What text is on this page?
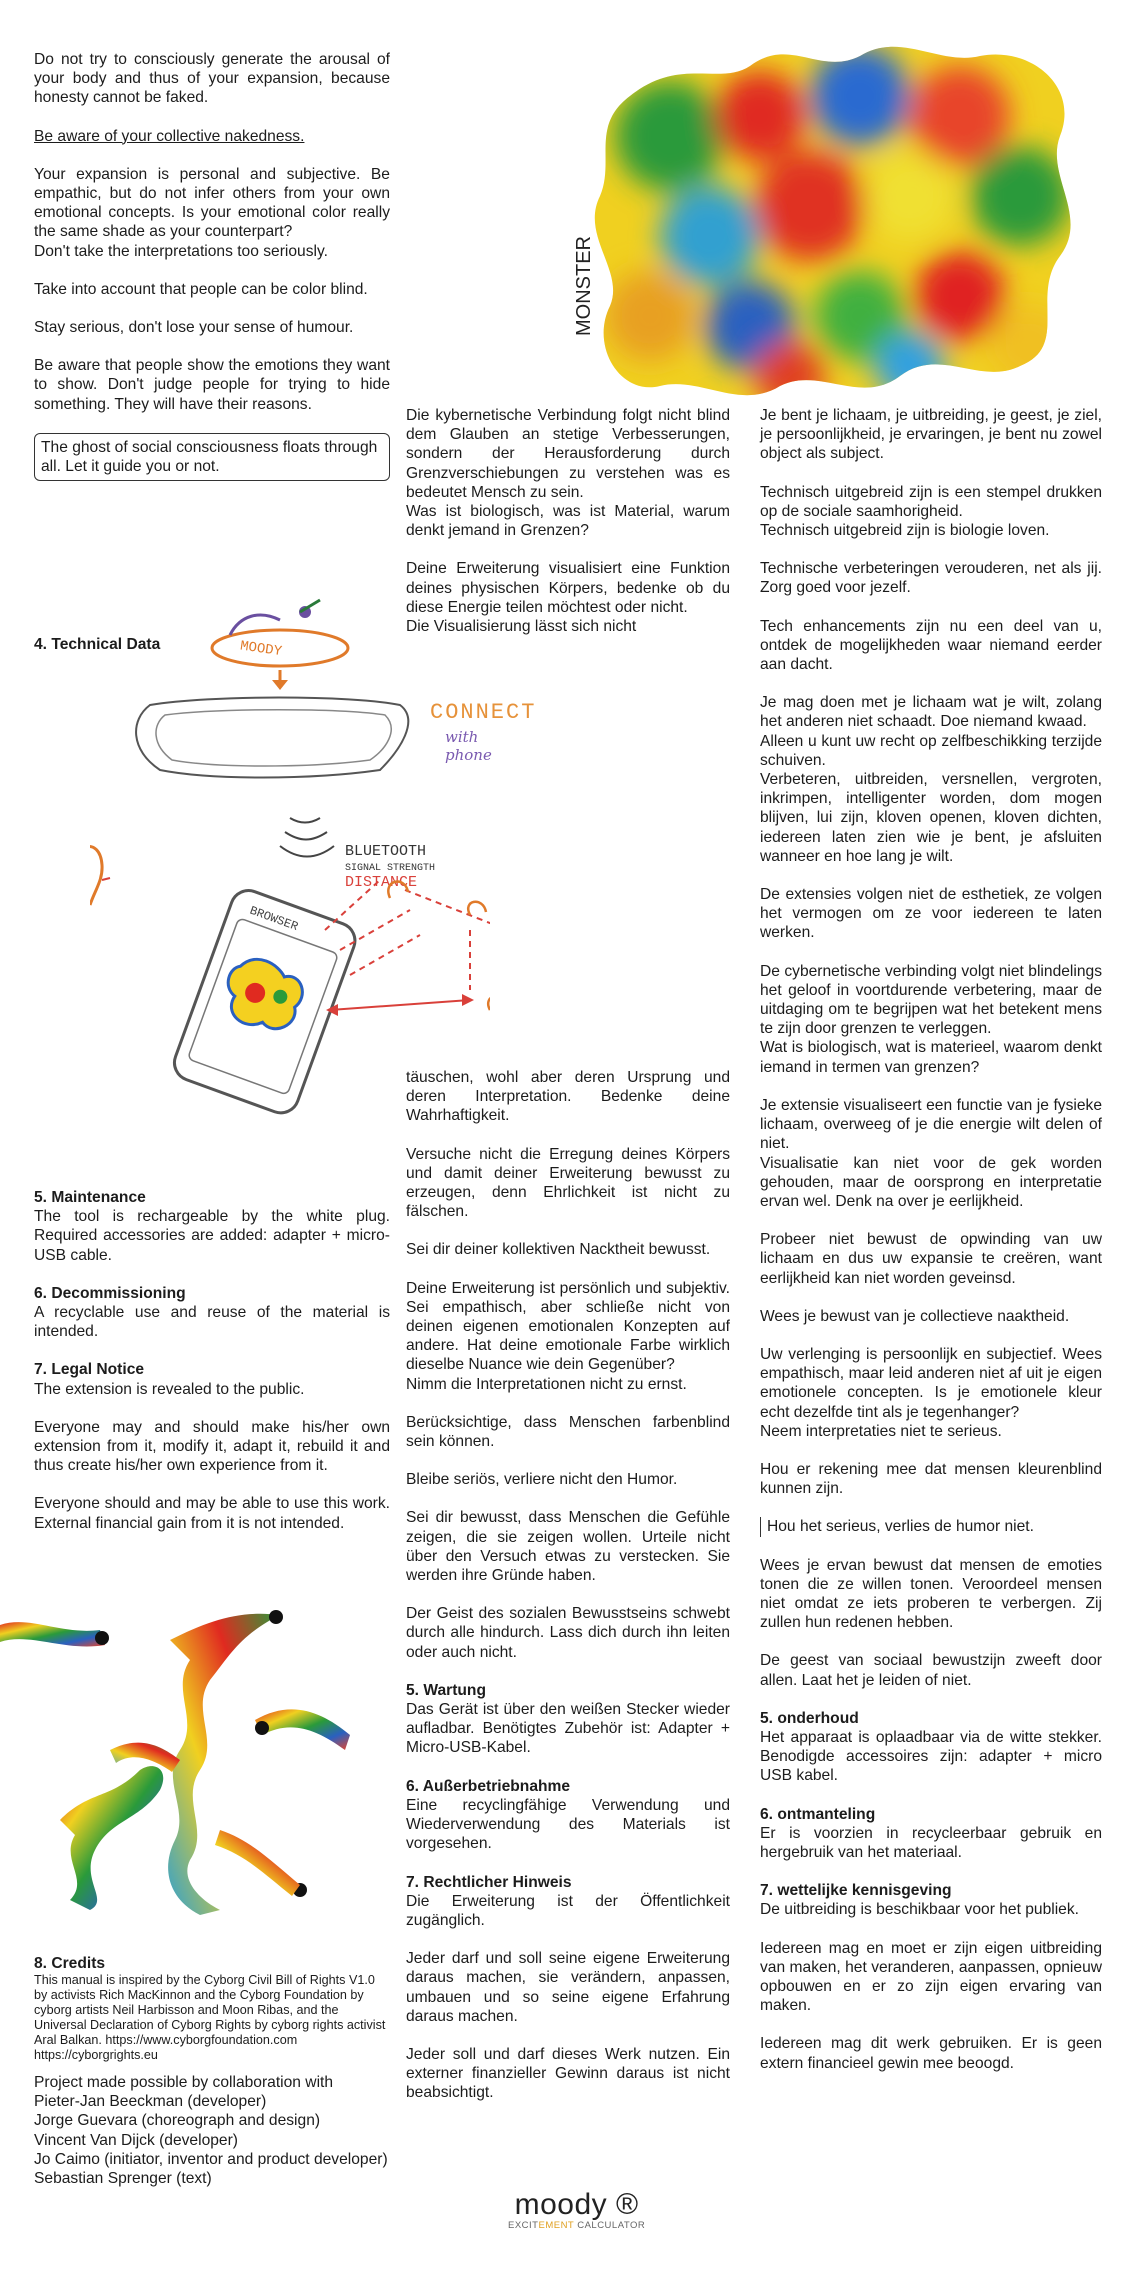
MONSTER
MOODY
BLUETOOTH
SIGNAL STRENGTH
DISTANCE
BROWSER
CONNECT
with
phone

Do not try to consciously generate the arousal of your body and thus of your expansion, because honesty cannot be faked.

Be aware of your collective nakedness.

Your expansion is personal and subjective. Be empathic, but do not infer others from your own emotional concepts. Is your emotional color really the same shade as your counterpart?
Don't take the interpretations too seriously.

Take into account that people can be color blind.

Stay serious, don't lose your sense of humour.

Be aware that people show the emotions they want to show. Don't judge people for trying to hide something. They will have their reasons.

The ghost of social consciousness floats through all. Let it guide you or not.

4. Technical Data
5. Maintenance

The tool is rechargeable by the white plug. Required accessories are added: adapter + micro-USB cable.

6. Decommissioning

A recyclable use and reuse of the material is intended.

7. Legal Notice

The extension is revealed to the public.

Everyone may and should make his/her own extension from it, modify it, adapt it, rebuild it and thus create his/her own experience from it.

Everyone should and may be able to use this work. External financial gain from it is not intended.

8. Credits

This manual is inspired by the Cyborg Civil Bill of Rights V1.0 by activists Rich MacKinnon and the Cyborg Foundation by cyborg artists Neil Harbisson and Moon Ribas, and the Universal Declaration of Cyborg Rights by cyborg rights activist Aral Balkan. https://www.cyborgfoundation.com
https://cyborgrights.eu

Project made possible by collaboration with
Pieter-Jan Beeckman (developer)
Jorge Guevara (choreograph and design)
Vincent Van Dijck (developer)
Jo Caimo (initiator, inventor and product developer)
Sebastian Sprenger (text)

Die kybernetische Verbindung folgt nicht blind dem Glauben an stetige Verbesserungen, sondern der Herausforderung durch Grenzverschiebungen zu verstehen was es bedeutet Mensch zu sein.
Was ist biologisch, was ist Material, warum denkt jemand in Grenzen?

Deine Erweiterung visualisiert eine Funktion deines physischen Körpers, bedenke ob du diese Energie teilen möchtest oder nicht.
Die Visualisierung lässt sich nicht

täuschen, wohl aber deren Ursprung und deren Interpretation. Bedenke deine Wahrhaftigkeit.

Versuche nicht die Erregung deines Körpers und damit deiner Erweiterung bewusst zu erzeugen, denn Ehrlichkeit ist nicht zu fälschen.

Sei dir deiner kollektiven Nacktheit bewusst.

Deine Erweiterung ist persönlich und subjektiv. Sei empathisch, aber schließe nicht von deinen eigenen emotionalen Konzepten auf andere. Hat deine emotionale Farbe wirklich dieselbe Nuance wie dein Gegenüber?
Nimm die Interpretationen nicht zu ernst.

Berücksichtige, dass Menschen farbenblind sein können.

Bleibe seriös, verliere nicht den Humor.

Sei dir bewusst, dass Menschen die Gefühle zeigen, die sie zeigen wollen. Urteile nicht über den Versuch etwas zu verstecken. Sie werden ihre Gründe haben.

Der Geist des sozialen Bewusstseins schwebt durch alle hindurch. Lass dich durch ihn leiten oder auch nicht.

5. Wartung

Das Gerät ist über den weißen Stecker wieder aufladbar. Benötigtes Zubehör ist: Adapter + Micro-USB-Kabel.

6. Außerbetriebnahme

Eine recyclingfähige Verwendung und Wiederverwendung des Materials ist vorgesehen.

7. Rechtlicher Hinweis

Die Erweiterung ist der Öffentlichkeit zugänglich.

Jeder darf und soll seine eigene Erweiterung daraus machen, sie verändern, anpassen, umbauen und so seine eigene Erfahrung daraus machen.

Jeder soll und darf dieses Werk nutzen. Ein externer finanzieller Gewinn daraus ist nicht beabsichtigt.

Je bent je lichaam, je uitbreiding, je geest, je ziel, je persoonlijkheid, je ervaringen, je bent nu zowel object als subject.

Technisch uitgebreid zijn is een stempel drukken op de sociale saamhorigheid.
Technisch uitgebreid zijn is biologie loven.

Technische verbeteringen verouderen, net als jij. Zorg goed voor jezelf.

Tech enhancements zijn nu een deel van u, ontdek de mogelijkheden waar niemand eerder aan dacht.

Je mag doen met je lichaam wat je wilt, zolang het anderen niet schaadt. Doe niemand kwaad.
Alleen u kunt uw recht op zelfbeschikking terzijde schuiven.
Verbeteren, uitbreiden, versnellen, vergroten, inkrimpen, intelligenter worden, dom mogen blijven, lui zijn, kloven openen, kloven dichten, iedereen laten zien wie je bent, je afsluiten wanneer en hoe lang je wilt.

De extensies volgen niet de esthetiek, ze volgen het vermogen om ze voor iedereen te laten werken.

De cybernetische verbinding volgt niet blindelings het geloof in voortdurende verbetering, maar de uitdaging om te begrijpen wat het betekent mens te zijn door grenzen te verleggen.
Wat is biologisch, wat is materieel, waarom denkt iemand in termen van grenzen?

Je extensie visualiseert een functie van je fysieke lichaam, overweeg of je die energie wilt delen of niet.
Visualisatie kan niet voor de gek worden gehouden, maar de oorsprong en interpretatie ervan wel. Denk na over je eerlijkheid.

Probeer niet bewust de opwinding van uw lichaam en dus uw expansie te creëren, want eerlijkheid kan niet worden geveinsd.

Wees je bewust van je collectieve naaktheid.

Uw verlenging is persoonlijk en subjectief. Wees empathisch, maar leid anderen niet af uit je eigen emotionele concepten. Is je emotionele kleur echt dezelfde tint als je tegenhanger?
Neem interpretaties niet te serieus.

Hou er rekening mee dat mensen kleurenblind kunnen zijn.

Hou het serieus, verlies de humor niet.

Wees je ervan bewust dat mensen de emoties tonen die ze willen tonen. Veroordeel mensen niet omdat ze iets proberen te verbergen. Zij zullen hun redenen hebben.

De geest van sociaal bewustzijn zweeft door allen. Laat het je leiden of niet.

5. onderhoud

Het apparaat is oplaadbaar via de witte stekker. Benodigde accessoires zijn: adapter + micro USB kabel.

6. ontmanteling

Er is voorzien in recycleerbaar gebruik en hergebruik van het materiaal.

7. wettelijke kennisgeving

De uitbreiding is beschikbaar voor het publiek.

Iedereen mag en moet er zijn eigen uitbreiding van maken, het veranderen, aanpassen, opnieuw opbouwen en er zo zijn eigen ervaring van maken.

Iedereen mag dit werk gebruiken. Er is geen extern financieel gewin mee beoogd.

moody ®
EXCITEMENT CALCULATOR
